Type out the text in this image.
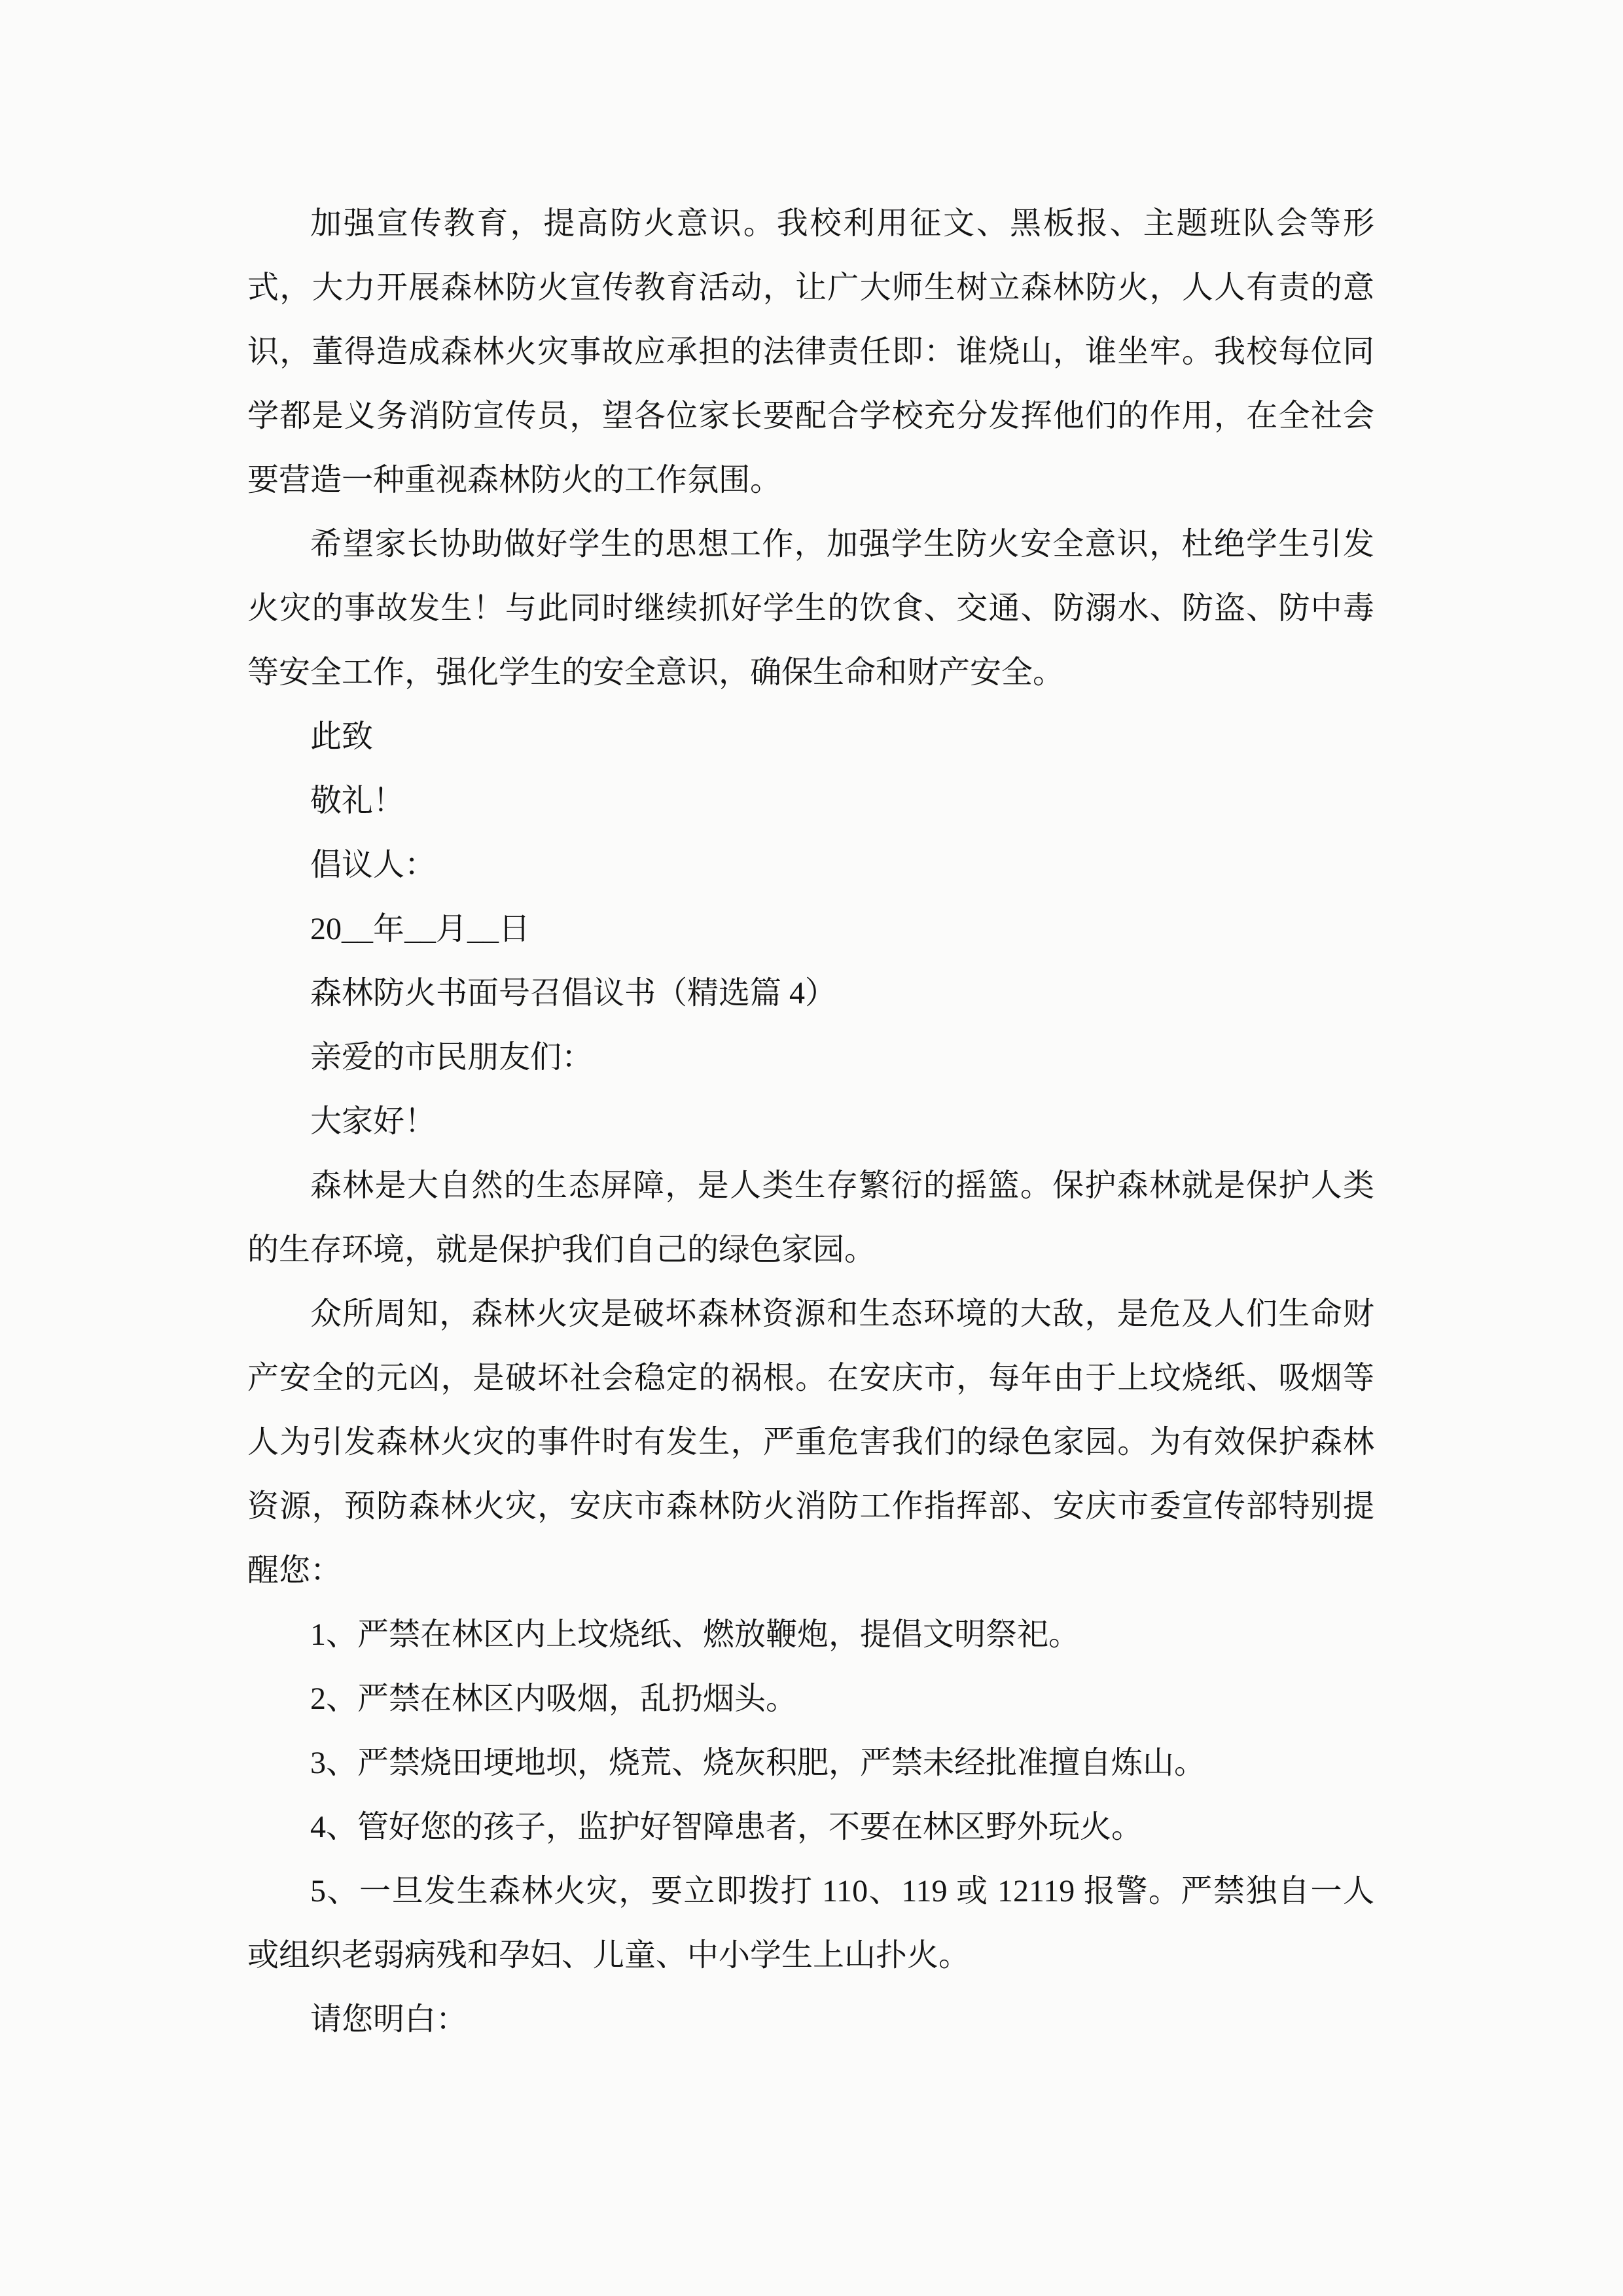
加强宣传教育，提高防火意识。我校利用征文、黑板报、主题班队会等形式，大力开展森林防火宣传教育活动，让广大师生树立森林防火，人人有责的意识，董得造成森林火灾事故应承担的法律责任即：谁烧山，谁坐牢。我校每位同学都是义务消防宣传员，望各位家长要配合学校充分发挥他们的作用，在全社会要营造一种重视森林防火的工作氛围。

希望家长协助做好学生的思想工作，加强学生防火安全意识，杜绝学生引发火灾的事故发生！与此同时继续抓好学生的饮食、交通、防溺水、防盗、防中毒等安全工作，强化学生的安全意识，确保生命和财产安全。

此致

敬礼！

倡议人：

20__年__月__日

森林防火书面号召倡议书（精选篇 4）

亲爱的市民朋友们：

大家好！

森林是大自然的生态屏障，是人类生存繁衍的摇篮。保护森林就是保护人类的生存环境，就是保护我们自己的绿色家园。

众所周知，森林火灾是破坏森林资源和生态环境的大敌，是危及人们生命财产安全的元凶，是破坏社会稳定的祸根。在安庆市，每年由于上坟烧纸、吸烟等人为引发森林火灾的事件时有发生，严重危害我们的绿色家园。为有效保护森林资源，预防森林火灾，安庆市森林防火消防工作指挥部、安庆市委宣传部特别提醒您：

1、严禁在林区内上坟烧纸、燃放鞭炮，提倡文明祭祀。

2、严禁在林区内吸烟，乱扔烟头。

3、严禁烧田埂地坝，烧荒、烧灰积肥，严禁未经批准擅自炼山。

4、管好您的孩子，监护好智障患者，不要在林区野外玩火。

5、一旦发生森林火灾，要立即拨打 110、119 或 12119 报警。严禁独自一人或组织老弱病残和孕妇、儿童、中小学生上山扑火。

请您明白：
